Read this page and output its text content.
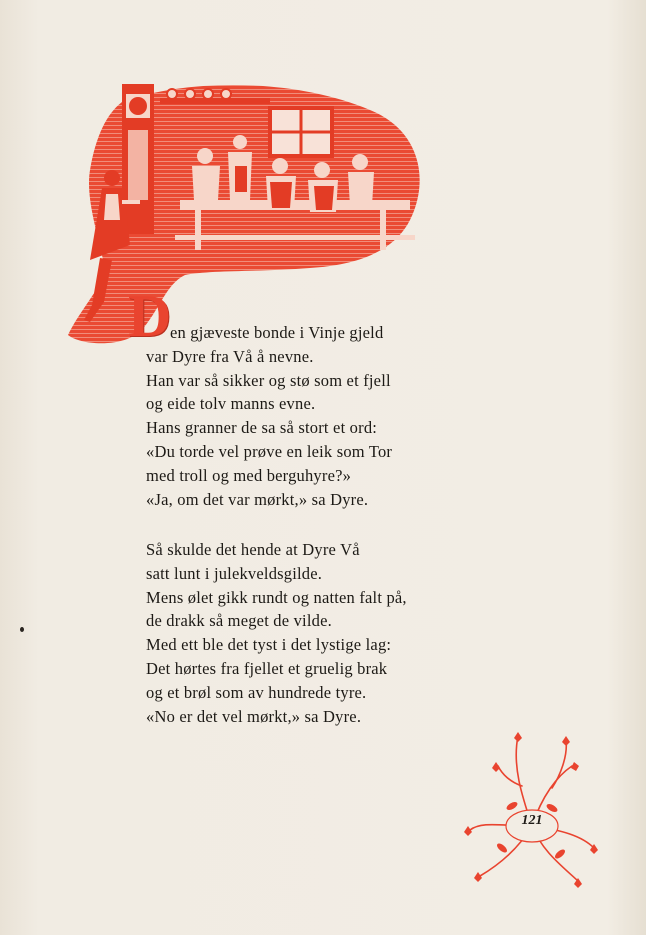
D
en gjæveste bonde i Vinje gjeld
var Dyre fra Vå å nevne.
Han var så sikker og stø som et fjell
og eide tolv manns evne.
Hans granner de sa så stort et ord:
«Du torde vel prøve en leik som Tor
med troll og med berguhyre?»
«Ja, om det var mørkt,» sa Dyre.
Så skulde det hende at Dyre Vå
satt lunt i julekveldsgilde.
Mens ølet gikk rundt og natten falt på,
de drakk så meget de vilde.
Med ett ble det tyst i det lystige lag:
Det hørtes fra fjellet et gruelig brak
og et brøl som av hundrede tyre.
«No er det vel mørkt,» sa Dyre.
121
